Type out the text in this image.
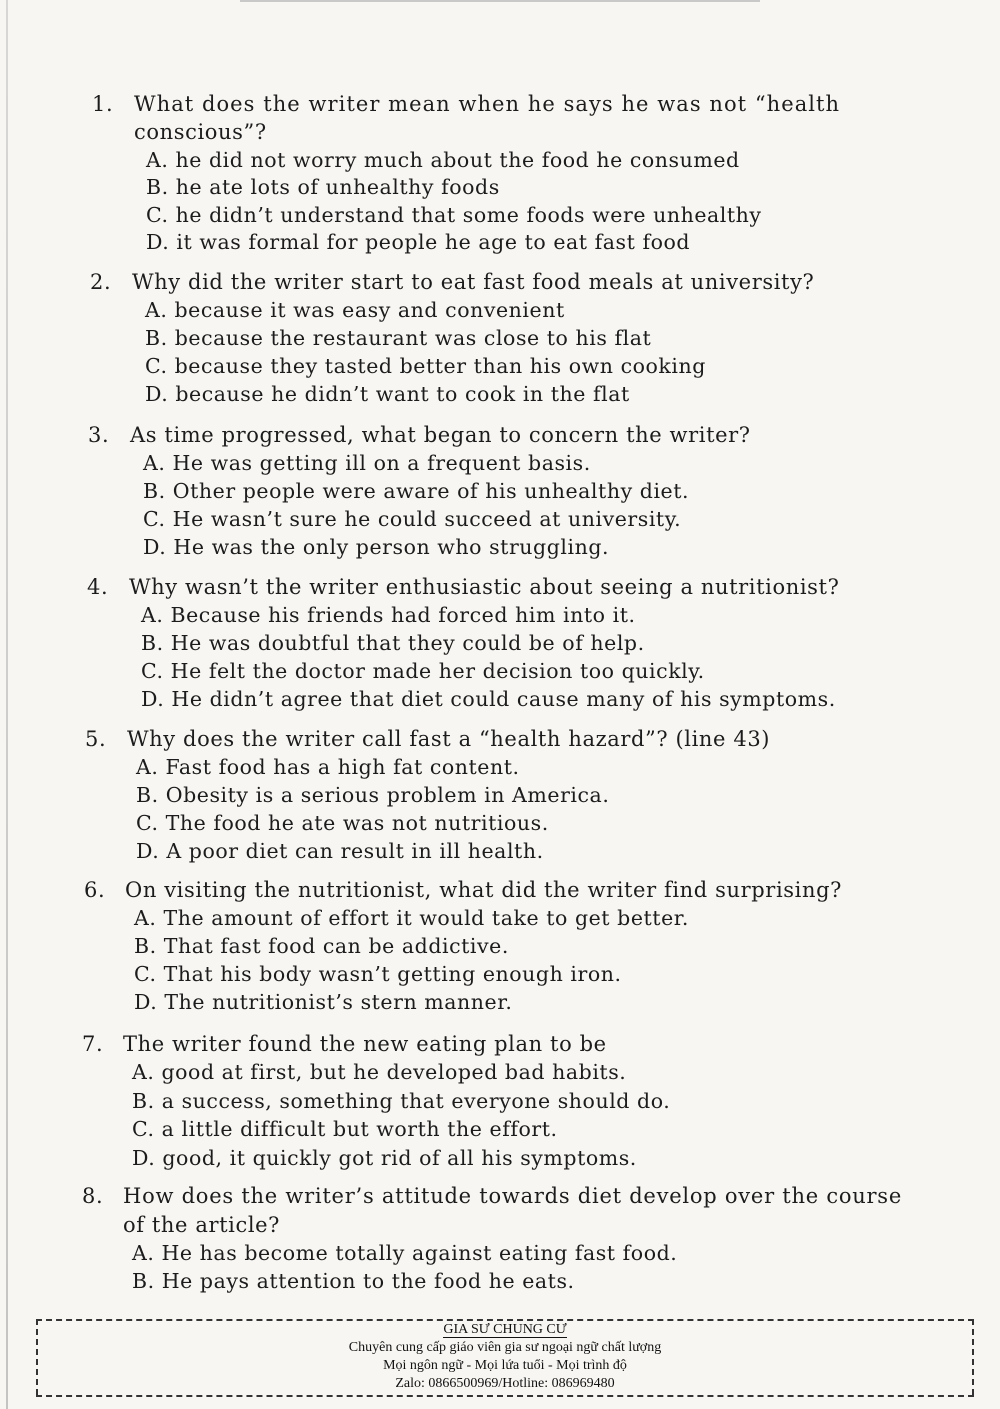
1. What does the writer mean when he says he was not “health
conscious”?
A. he did not worry much about the food he consumed
B. he ate lots of unhealthy foods
C. he didn’t understand that some foods were unhealthy
D. it was formal for people he age to eat fast food
2. Why did the writer start to eat fast food meals at university?
A. because it was easy and convenient
B. because the restaurant was close to his flat
C. because they tasted better than his own cooking
D. because he didn’t want to cook in the flat
3. As time progressed, what began to concern the writer?
A. He was getting ill on a frequent basis.
B. Other people were aware of his unhealthy diet.
C. He wasn’t sure he could succeed at university.
D. He was the only person who struggling.
4. Why wasn’t the writer enthusiastic about seeing a nutritionist?
A. Because his friends had forced him into it.
B. He was doubtful that they could be of help.
C. He felt the doctor made her decision too quickly.
D. He didn’t agree that diet could cause many of his symptoms.
5. Why does the writer call fast a “health hazard”? (line 43)
A. Fast food has a high fat content.
B. Obesity is a serious problem in America.
C. The food he ate was not nutritious.
D. A poor diet can result in ill health.
6. On visiting the nutritionist, what did the writer find surprising?
A. The amount of effort it would take to get better.
B. That fast food can be addictive.
C. That his body wasn’t getting enough iron.
D. The nutritionist’s stern manner.
7. The writer found the new eating plan to be
A. good at first, but he developed bad habits.
B. a success, something that everyone should do.
C. a little difficult but worth the effort.
D. good, it quickly got rid of all his symptoms.
8. How does the writer’s attitude towards diet develop over the course
of the article?
A. He has become totally against eating fast food.
B. He pays attention to the food he eats.
GIA SƯ CHUNG CƯ
Chuyên cung cấp giáo viên gia sư ngoại ngữ chất lượng
Mọi ngôn ngữ - Mọi lứa tuổi - Mọi trình độ
Zalo: 0866500969/Hotline: 086969480
